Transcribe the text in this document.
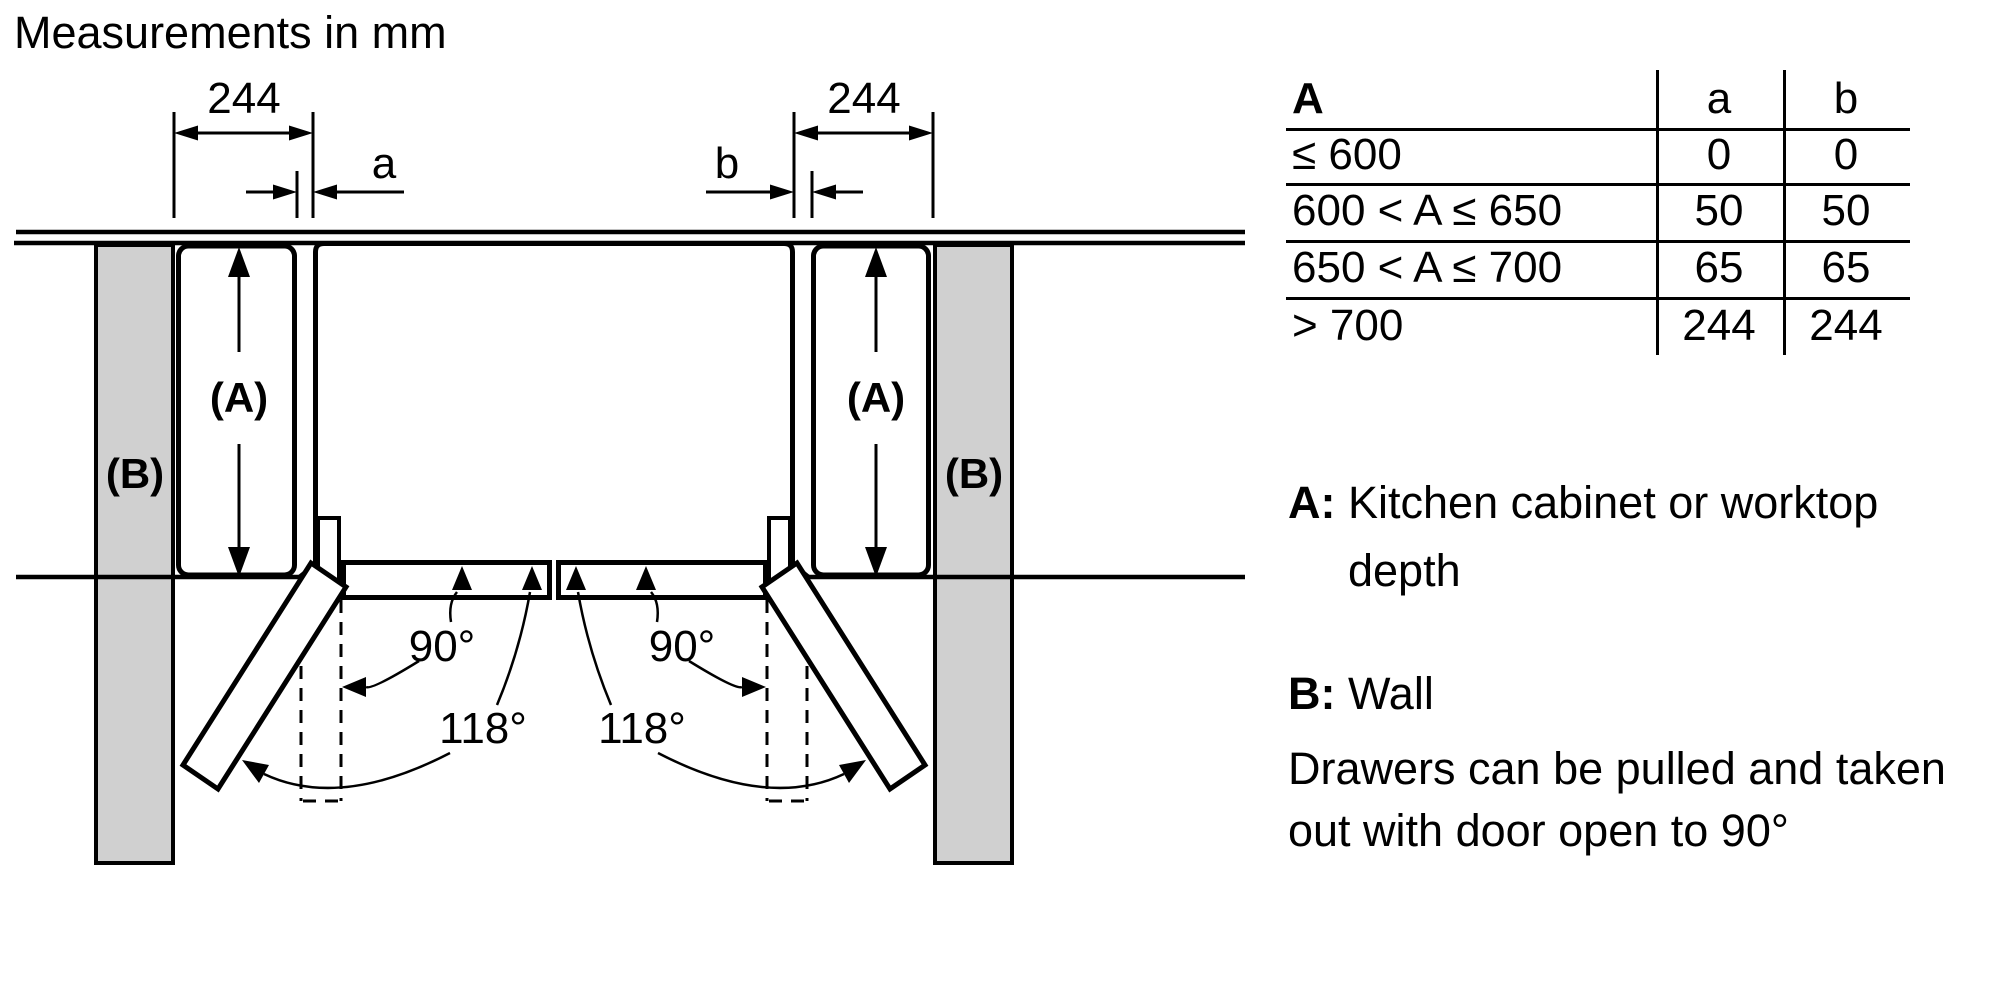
Measurements in mm
244	244
a	b
(A)	(A)
(B)	(B)
90°	90°
118° 118°
A	a b
≤ 600	0 0
600 < A ≤ 650	50 50
650 < A ≤ 700	65 65
> 700	244 244
A: Kitchen cabinet or worktop
depth
B: Wall
Drawers can be pulled and taken
out with door open to 90°
